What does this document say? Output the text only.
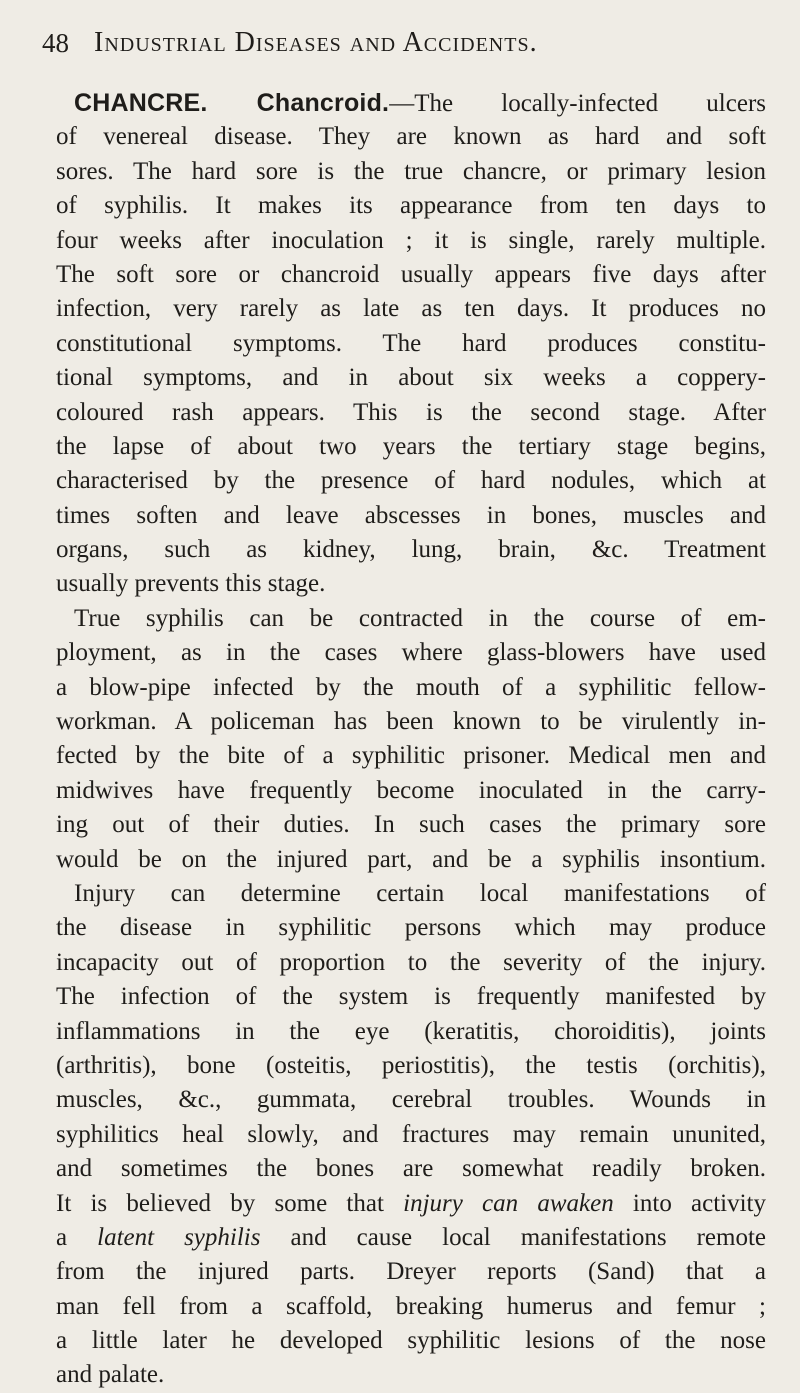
48 Industrial Diseases and Accidents.
CHANCRE. Chancroid.—The locally-infected ulcers
of venereal disease. They are known as hard and soft
sores. The hard sore is the true chancre, or primary lesion
of syphilis. It makes its appearance from ten days to
four weeks after inoculation ; it is single, rarely multiple.
The soft sore or chancroid usually appears five days after
infection, very rarely as late as ten days. It produces no
constitutional symptoms. The hard produces constitu-
tional symptoms, and in about six weeks a coppery-
coloured rash appears. This is the second stage. After
the lapse of about two years the tertiary stage begins,
characterised by the presence of hard nodules, which at
times soften and leave abscesses in bones, muscles and
organs, such as kidney, lung, brain, &c. Treatment
usually prevents this stage.
True syphilis can be contracted in the course of em-
ployment, as in the cases where glass-blowers have used
a blow-pipe infected by the mouth of a syphilitic fellow-
workman. A policeman has been known to be virulently in-
fected by the bite of a syphilitic prisoner. Medical men and
midwives have frequently become inoculated in the carry-
ing out of their duties. In such cases the primary sore
would be on the injured part, and be a syphilis insontium.
Injury can determine certain local manifestations of
the disease in syphilitic persons which may produce
incapacity out of proportion to the severity of the injury.
The infection of the system is frequently manifested by
inflammations in the eye (keratitis, choroiditis), joints
(arthritis), bone (osteitis, periostitis), the testis (orchitis),
muscles, &c., gummata, cerebral troubles. Wounds in
syphilitics heal slowly, and fractures may remain ununited,
and sometimes the bones are somewhat readily broken.
It is believed by some that injury can awaken into activity
a latent syphilis and cause local manifestations remote
from the injured parts. Dreyer reports (Sand) that a
man fell from a scaffold, breaking humerus and femur ;
a little later he developed syphilitic lesions of the nose
and palate.
